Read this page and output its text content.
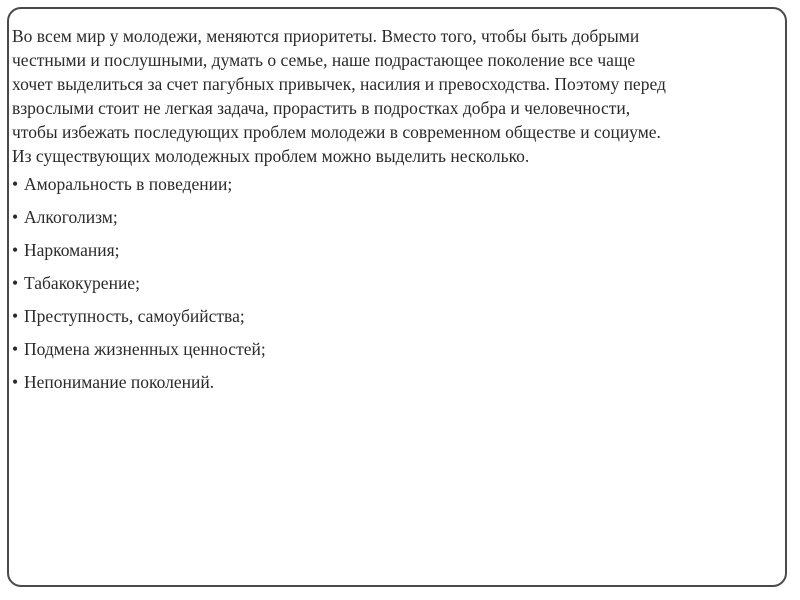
Во всем мир у молодежи, меняются приоритеты. Вместо того, чтобы быть добрыми
честными и послушными, думать о семье, наше подрастающее поколение все чаще
хочет выделиться за счет пагубных привычек, насилия и превосходства. Поэтому перед
взрослыми стоит не легкая задача, прорастить в подростках добра и человечности,
чтобы избежать последующих проблем молодежи в современном обществе и социуме.
Из существующих молодежных проблем можно выделить несколько.

• Аморальность в поведении;
• Алкоголизм;
• Наркомания;
• Табакокурение;
• Преступность, самоубийства;
• Подмена жизненных ценностей;
• Непонимание поколений.
